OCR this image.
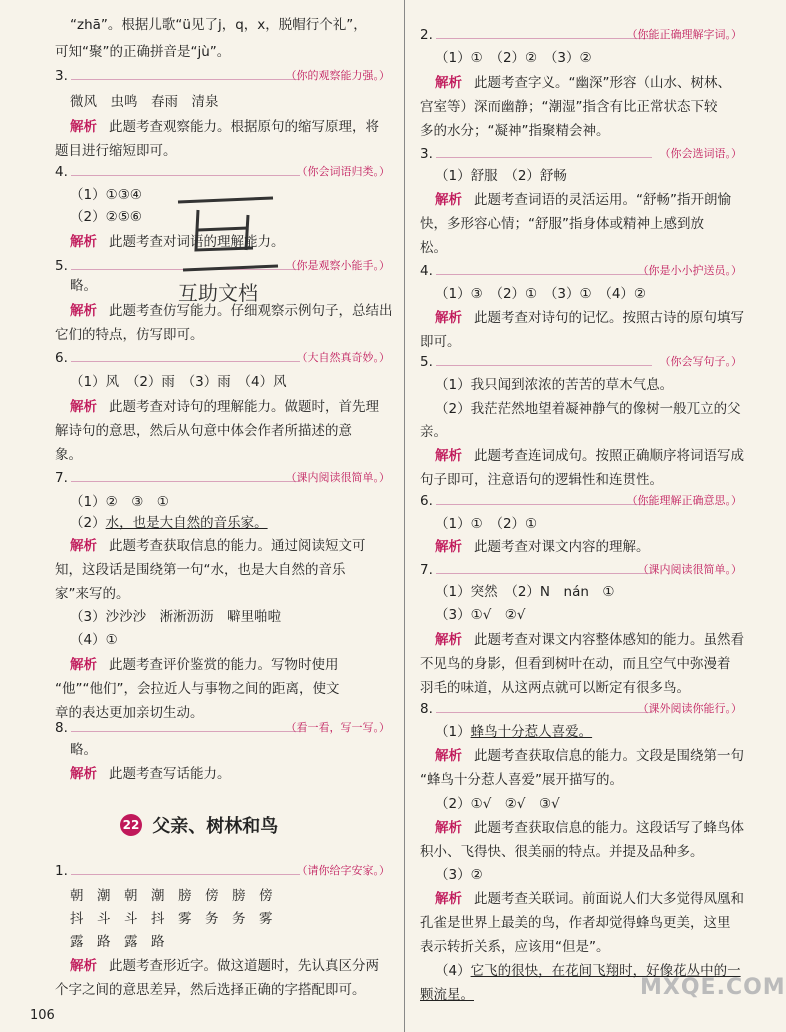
“zhā”。根据儿歌“ü见了j，q，x，脱帽行个礼”，
可知“聚”的正确拼音是“jù”。
3.	（你的观察能力强。）
微风　虫鸣　春雨　清泉
解析 此题考查观察能力。根据原句的缩写原理，将
题目进行缩短即可。
4.	（你会词语归类。）
（1）①③④
（2）②⑤⑥
解析 此题考查对词语的理解能力。
5.	（你是观察小能手。）
略。
解析 此题考查仿写能力。仔细观察示例句子，总结出
它们的特点，仿写即可。
6.	（大自然真奇妙。）
（1）风　（2）雨　（3）雨　（4）风
解析 此题考查对诗句的理解能力。做题时，首先理
解诗句的意思，然后从句意中体会作者所描述的意
象。
7.	（课内阅读很简单。）
（1）②　③　①
（2）水，也是大自然的音乐家。
解析 此题考查获取信息的能力。通过阅读短文可
知，这段话是围绕第一句“水，也是大自然的音乐
家”来写的。
（3）沙沙沙　淅淅沥沥　噼里啪啦
（4）①
解析 此题考查评价鉴赏的能力。写物时使用
“他”“他们”，会拉近人与事物之间的距离，使文
章的表达更加亲切生动。
8.	（看一看，写一写。）
略。
解析 此题考查写话能力。
1.	（请你给字安家。）
朝　潮　朝　潮　膀　傍　膀　傍
抖　斗　斗　抖　雾　务　务　雾
露　路　露　路
解析 此题考查形近字。做这道题时，先认真区分两
个字之间的意思差异，然后选择正确的字搭配即可。
2.	（你能正确理解字词。）
（1）①　（2）②　（3）②
解析 此题考查字义。“幽深”形容（山水、树林、
宫室等）深而幽静；“潮湿”指含有比正常状态下较
多的水分；“凝神”指聚精会神。
3.	（你会选词语。）
（1）舒服　（2）舒畅
解析 此题考查词语的灵活运用。“舒畅”指开朗愉
快，多形容心情；“舒服”指身体或精神上感到放
松。
4.	（你是小小护送员。）
（1）③　（2）①　（3）①　（4）②
解析 此题考查对诗句的记忆。按照古诗的原句填写
即可。
5.	（你会写句子。）
（1）我只闻到浓浓的苦苦的草木气息。
（2）我茫茫然地望着凝神静气的像树一般兀立的父
亲。
解析 此题考查连词成句。按照正确顺序将词语写成
句子即可，注意语句的逻辑性和连贯性。
6.	（你能理解正确意思。）
（1）①　（2）①
解析 此题考查对课文内容的理解。
7.	（课内阅读很简单。）
（1）突然　（2）N　nán　①
（3）①√　②√
解析 此题考查对课文内容整体感知的能力。虽然看
不见鸟的身影，但看到树叶在动，而且空气中弥漫着
羽毛的味道，从这两点就可以断定有很多鸟。
8.	（课外阅读你能行。）
（1）蜂鸟十分惹人喜爱。
解析 此题考查获取信息的能力。文段是围绕第一句
“蜂鸟十分惹人喜爱”展开描写的。
（2）①√　②√　③√
解析 此题考查获取信息的能力。这段话写了蜂鸟体
积小、飞得快、很美丽的特点。并提及品种多。
（3）②
解析 此题考查关联词。前面说人们大多觉得凤凰和
孔雀是世界上最美的鸟，作者却觉得蜂鸟更美，这里
表示转折关系，应该用“但是”。
（4）它飞的很快，在花间飞翔时，好像花丛中的一
颗流星。
22 父亲、树林和鸟
互助文档
MXQE.COM
106
